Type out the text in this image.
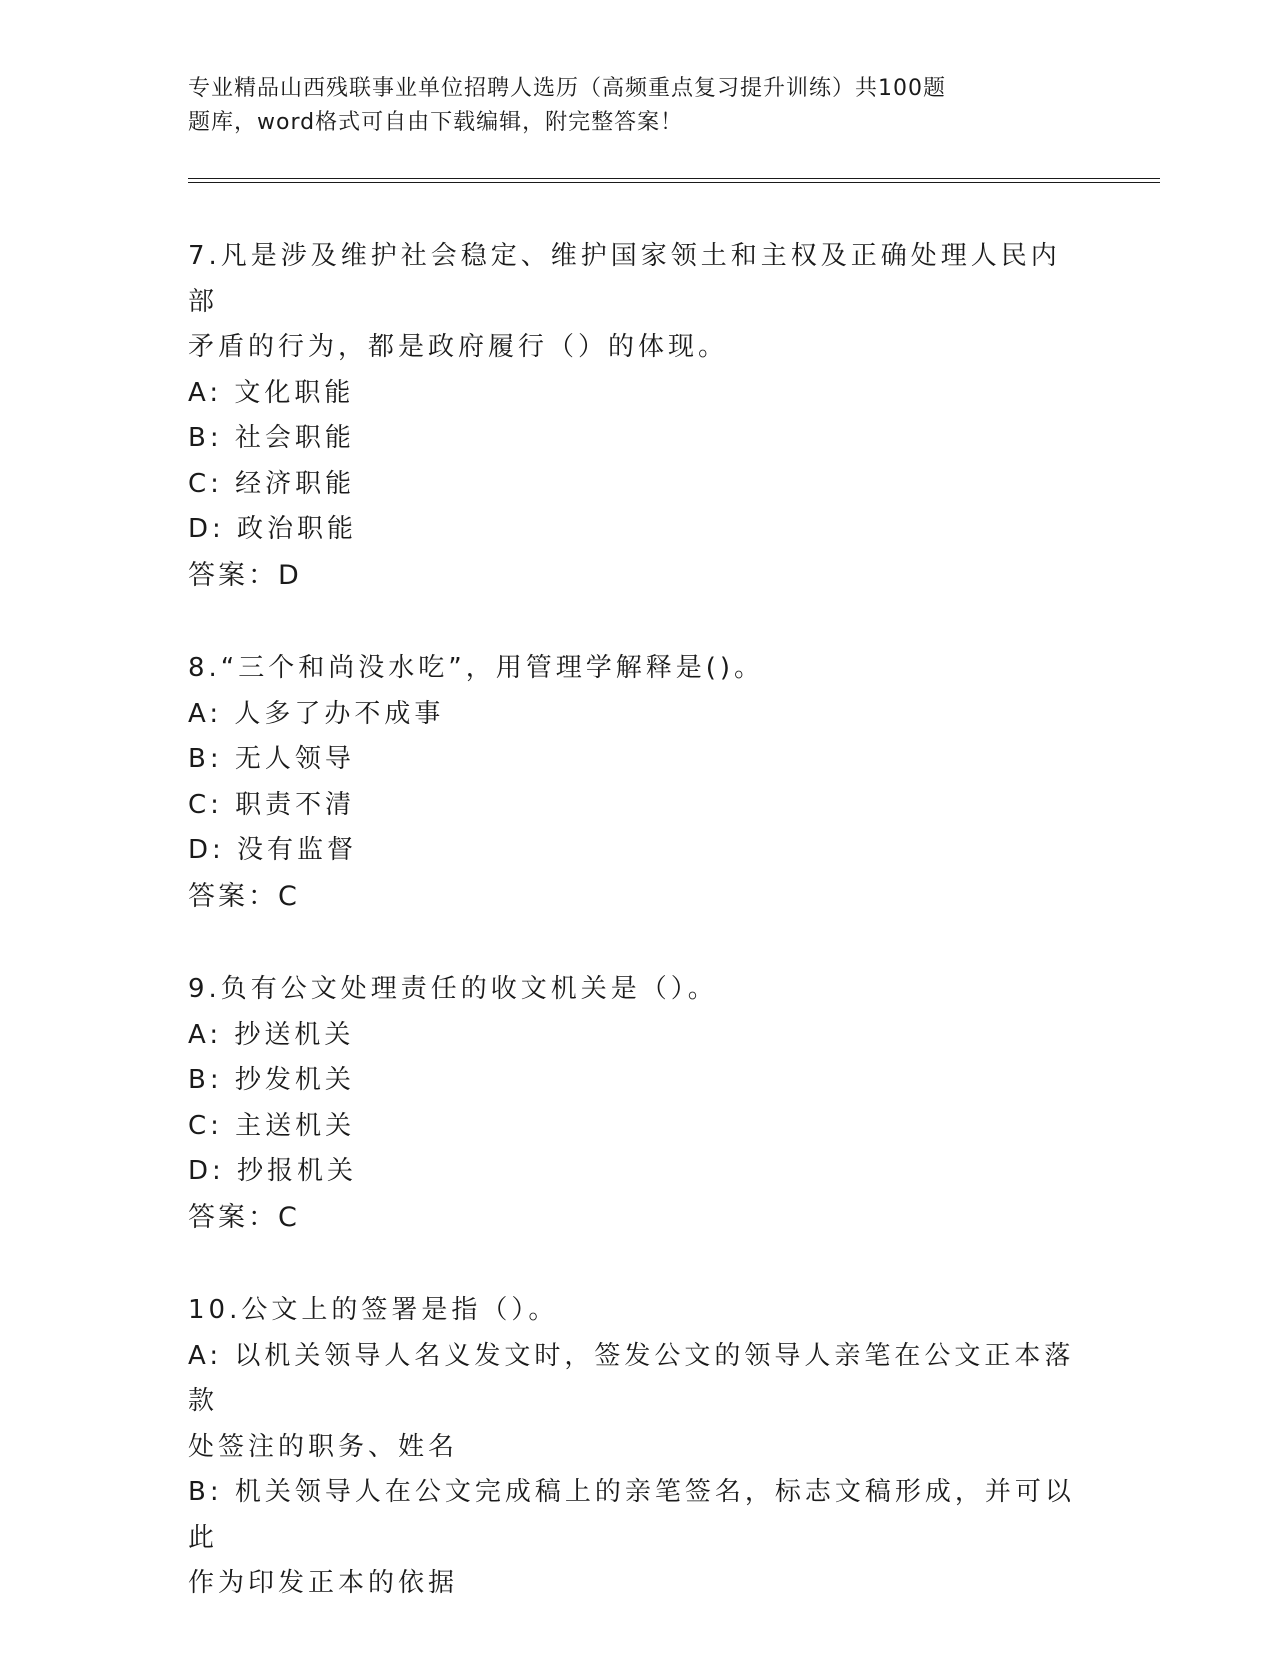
专业精品山西残联事业单位招聘人选历（高频重点复习提升训练）共100题
题库，word格式可自由下载编辑，附完整答案！
7.凡是涉及维护社会稳定、维护国家领土和主权及正确处理人民内部
矛盾的行为，都是政府履行（）的体现。
A: 文化职能
B: 社会职能
C: 经济职能
D: 政治职能
答案：D
8.“三个和尚没水吃”，用管理学解释是()。
A: 人多了办不成事
B: 无人领导
C: 职责不清
D: 没有监督
答案：C
9.负有公文处理责任的收文机关是（）。
A: 抄送机关
B: 抄发机关
C: 主送机关
D: 抄报机关
答案：C
10.公文上的签署是指（）。
A: 以机关领导人名义发文时，签发公文的领导人亲笔在公文正本落款
处签注的职务、姓名
B: 机关领导人在公文完成稿上的亲笔签名，标志文稿形成，并可以此
作为印发正本的依据
